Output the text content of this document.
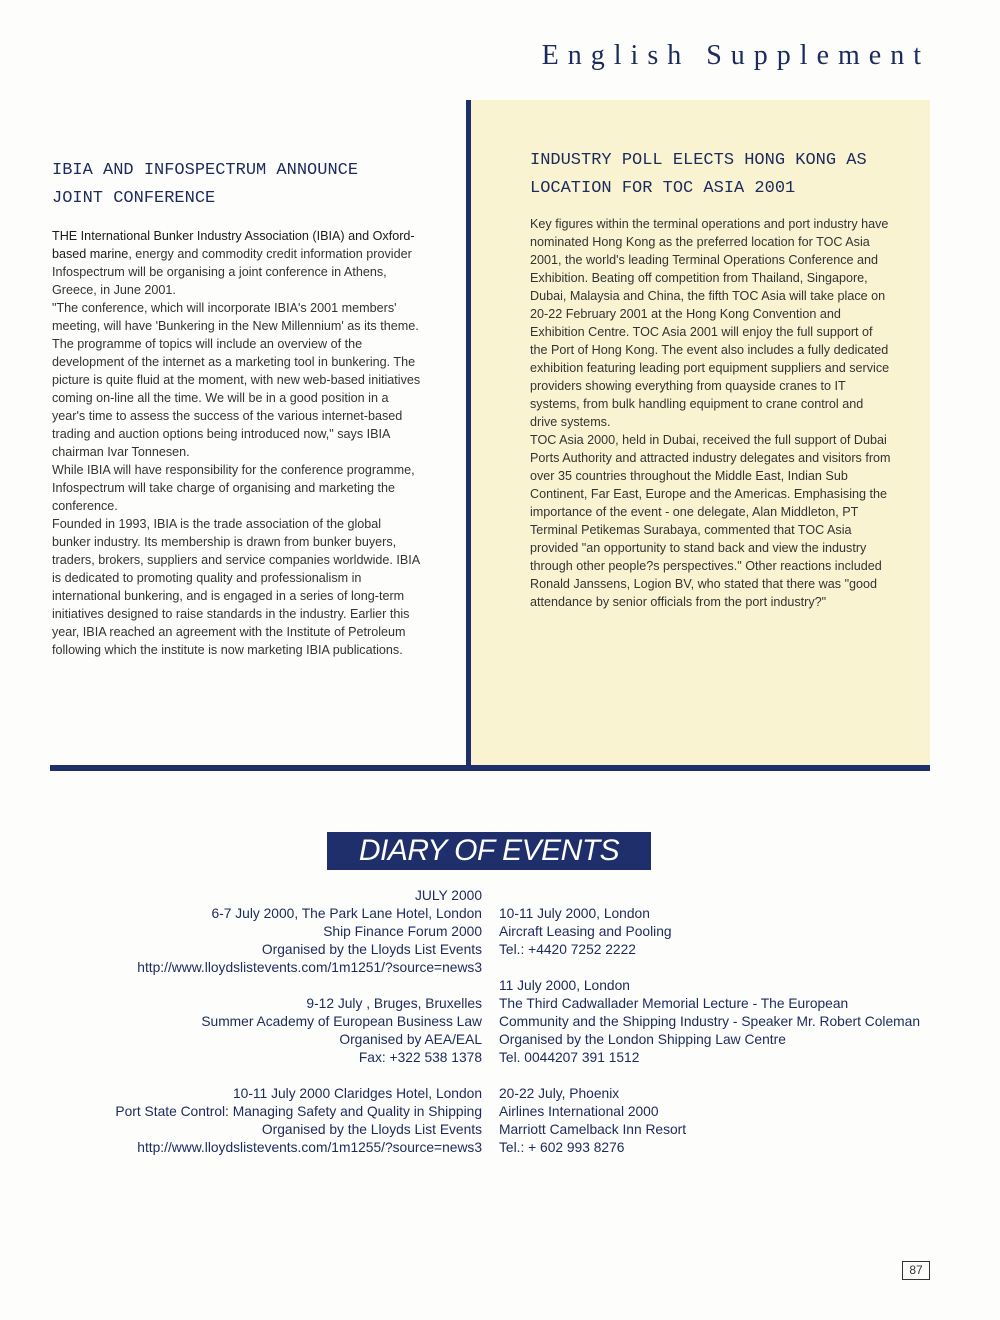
English Supplement
IBIA AND INFOSPECTRUM ANNOUNCE
JOINT CONFERENCE

THE International Bunker Industry Association (IBIA) and Oxford-based marine, energy and commodity credit information provider Infospectrum will be organising a joint conference in Athens, Greece, in June 2001.

"The conference, which will incorporate IBIA's 2001 members' meeting, will have 'Bunkering in the New Millennium' as its theme. The programme of topics will include an overview of the development of the internet as a marketing tool in bunkering. The picture is quite fluid at the moment, with new web-based initiatives coming on-line all the time. We will be in a good position in a year's time to assess the success of the various internet-based trading and auction options being introduced now," says IBIA chairman Ivar Tonnesen.

While IBIA will have responsibility for the conference programme, Infospectrum will take charge of organising and marketing the conference.

Founded in 1993, IBIA is the trade association of the global bunker industry. Its membership is drawn from bunker buyers, traders, brokers, suppliers and service companies worldwide. IBIA is dedicated to promoting quality and professionalism in international bunkering, and is engaged in a series of long-term initiatives designed to raise standards in the industry. Earlier this year, IBIA reached an agreement with the Institute of Petroleum following which the institute is now marketing IBIA publications.

INDUSTRY POLL ELECTS HONG KONG AS
LOCATION FOR TOC ASIA 2001

Key figures within the terminal operations and port industry have nominated Hong Kong as the preferred location for TOC Asia 2001, the world's leading Terminal Operations Conference and Exhibition. Beating off competition from Thailand, Singapore, Dubai, Malaysia and China, the fifth TOC Asia will take place on 20-22 February 2001 at the Hong Kong Convention and Exhibition Centre. TOC Asia 2001 will enjoy the full support of the Port of Hong Kong. The event also includes a fully dedicated exhibition featuring leading port equipment suppliers and service providers showing everything from quayside cranes to IT systems, from bulk handling equipment to crane control and drive systems.

TOC Asia 2000, held in Dubai, received the full support of Dubai Ports Authority and attracted industry delegates and visitors from over 35 countries throughout the Middle East, Indian Sub Continent, Far East, Europe and the Americas. Emphasising the importance of the event - one delegate, Alan Middleton, PT Terminal Petikemas Surabaya, commented that TOC Asia provided "an opportunity to stand back and view the industry through other people?s perspectives." Other reactions included Ronald Janssens, Logion BV, who stated that there was "good attendance by senior officials from the port industry?"

DIARY OF EVENTS
JULY 2000
6-7 July 2000, The Park Lane Hotel, London
Ship Finance Forum 2000
Organised by the Lloyds List Events
http://www.lloydslistevents.com/1m1251/?source=news3
9-12 July , Bruges, Bruxelles
Summer Academy of European Business Law
Organised by AEA/EAL
Fax: +322 538 1378
10-11 July 2000 Claridges Hotel, London
Port State Control: Managing Safety and Quality in Shipping
Organised by the Lloyds List Events
http://www.lloydslistevents.com/1m1255/?source=news3
10-11 July 2000, London
Aircraft Leasing and Pooling
Tel.: +4420 7252 2222
11 July 2000, London
The Third Cadwallader Memorial Lecture - The European
Community and the Shipping Industry - Speaker Mr. Robert Coleman
Organised by the London Shipping Law Centre
Tel. 0044207 391 1512
20-22 July, Phoenix
Airlines International 2000
Marriott Camelback Inn Resort
Tel.: + 602 993 8276
87
